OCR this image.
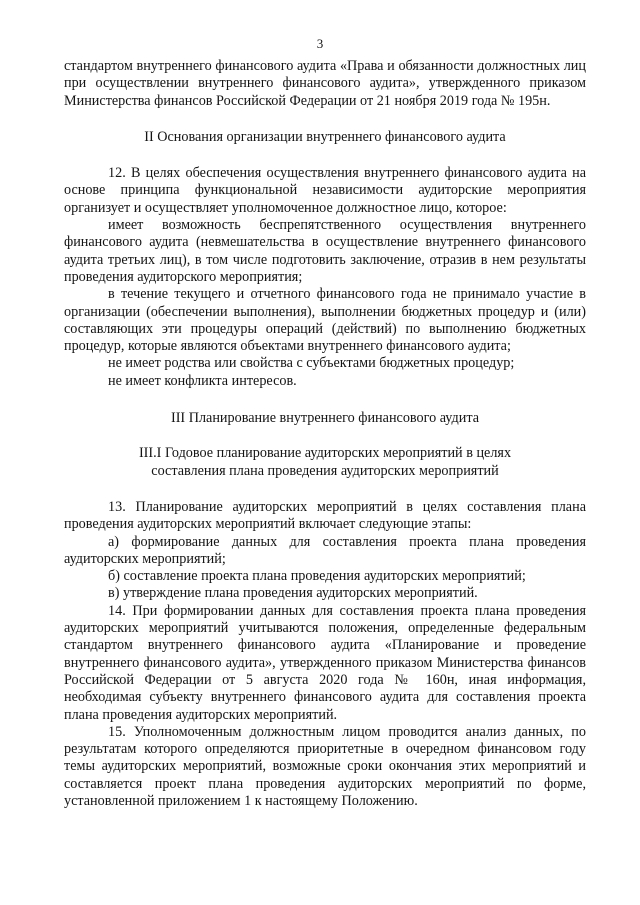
3

стандартом внутреннего финансового аудита «Права и обязанности должностных лиц при осуществлении внутреннего финансового аудита», утвержденного приказом Министерства финансов Российской Федерации от 21 ноября 2019 года № 195н.

II Основания организации внутреннего финансового аудита

12. В целях обеспечения осуществления внутреннего финансового аудита на основе принципа функциональной независимости аудиторские мероприятия организует и осуществляет уполномоченное должностное лицо, которое:

имеет возможность беспрепятственного осуществления внутреннего финансового аудита (невмешательства в осуществление внутреннего финансового аудита третьих лиц), в том числе подготовить заключение, отразив в нем результаты проведения аудиторского мероприятия;

в течение текущего и отчетного финансового года не принимало участие в организации (обеспечении выполнения), выполнении бюджетных процедур и (или) составляющих эти процедуры операций (действий) по выполнению бюджетных процедур, которые являются объектами внутреннего финансового аудита;

не имеет родства или свойства с субъектами бюджетных процедур;

не имеет конфликта интересов.

III Планирование внутреннего финансового аудита

III.I Годовое планирование аудиторских мероприятий в целях

составления плана проведения аудиторских мероприятий

13. Планирование аудиторских мероприятий в целях составления плана проведения аудиторских мероприятий включает следующие этапы:

а) формирование данных для составления проекта плана проведения аудиторских мероприятий;

б) составление проекта плана проведения аудиторских мероприятий;

в) утверждение плана проведения аудиторских мероприятий.

14. При формировании данных для составления проекта плана проведения аудиторских мероприятий учитываются положения, определенные федеральным стандартом внутреннего финансового аудита «Планирование и проведение внутреннего финансового аудита», утвержденного приказом Министерства финансов Российской Федерации от 5 августа 2020 года № 160н, иная информация, необходимая субъекту внутреннего финансового аудита для составления проекта плана проведения аудиторских мероприятий.

15. Уполномоченным должностным лицом проводится анализ данных, по результатам которого определяются приоритетные в очередном финансовом году темы аудиторских мероприятий, возможные сроки окончания этих мероприятий и составляется проект плана проведения аудиторских мероприятий по форме, установленной приложением 1 к настоящему Положению.
